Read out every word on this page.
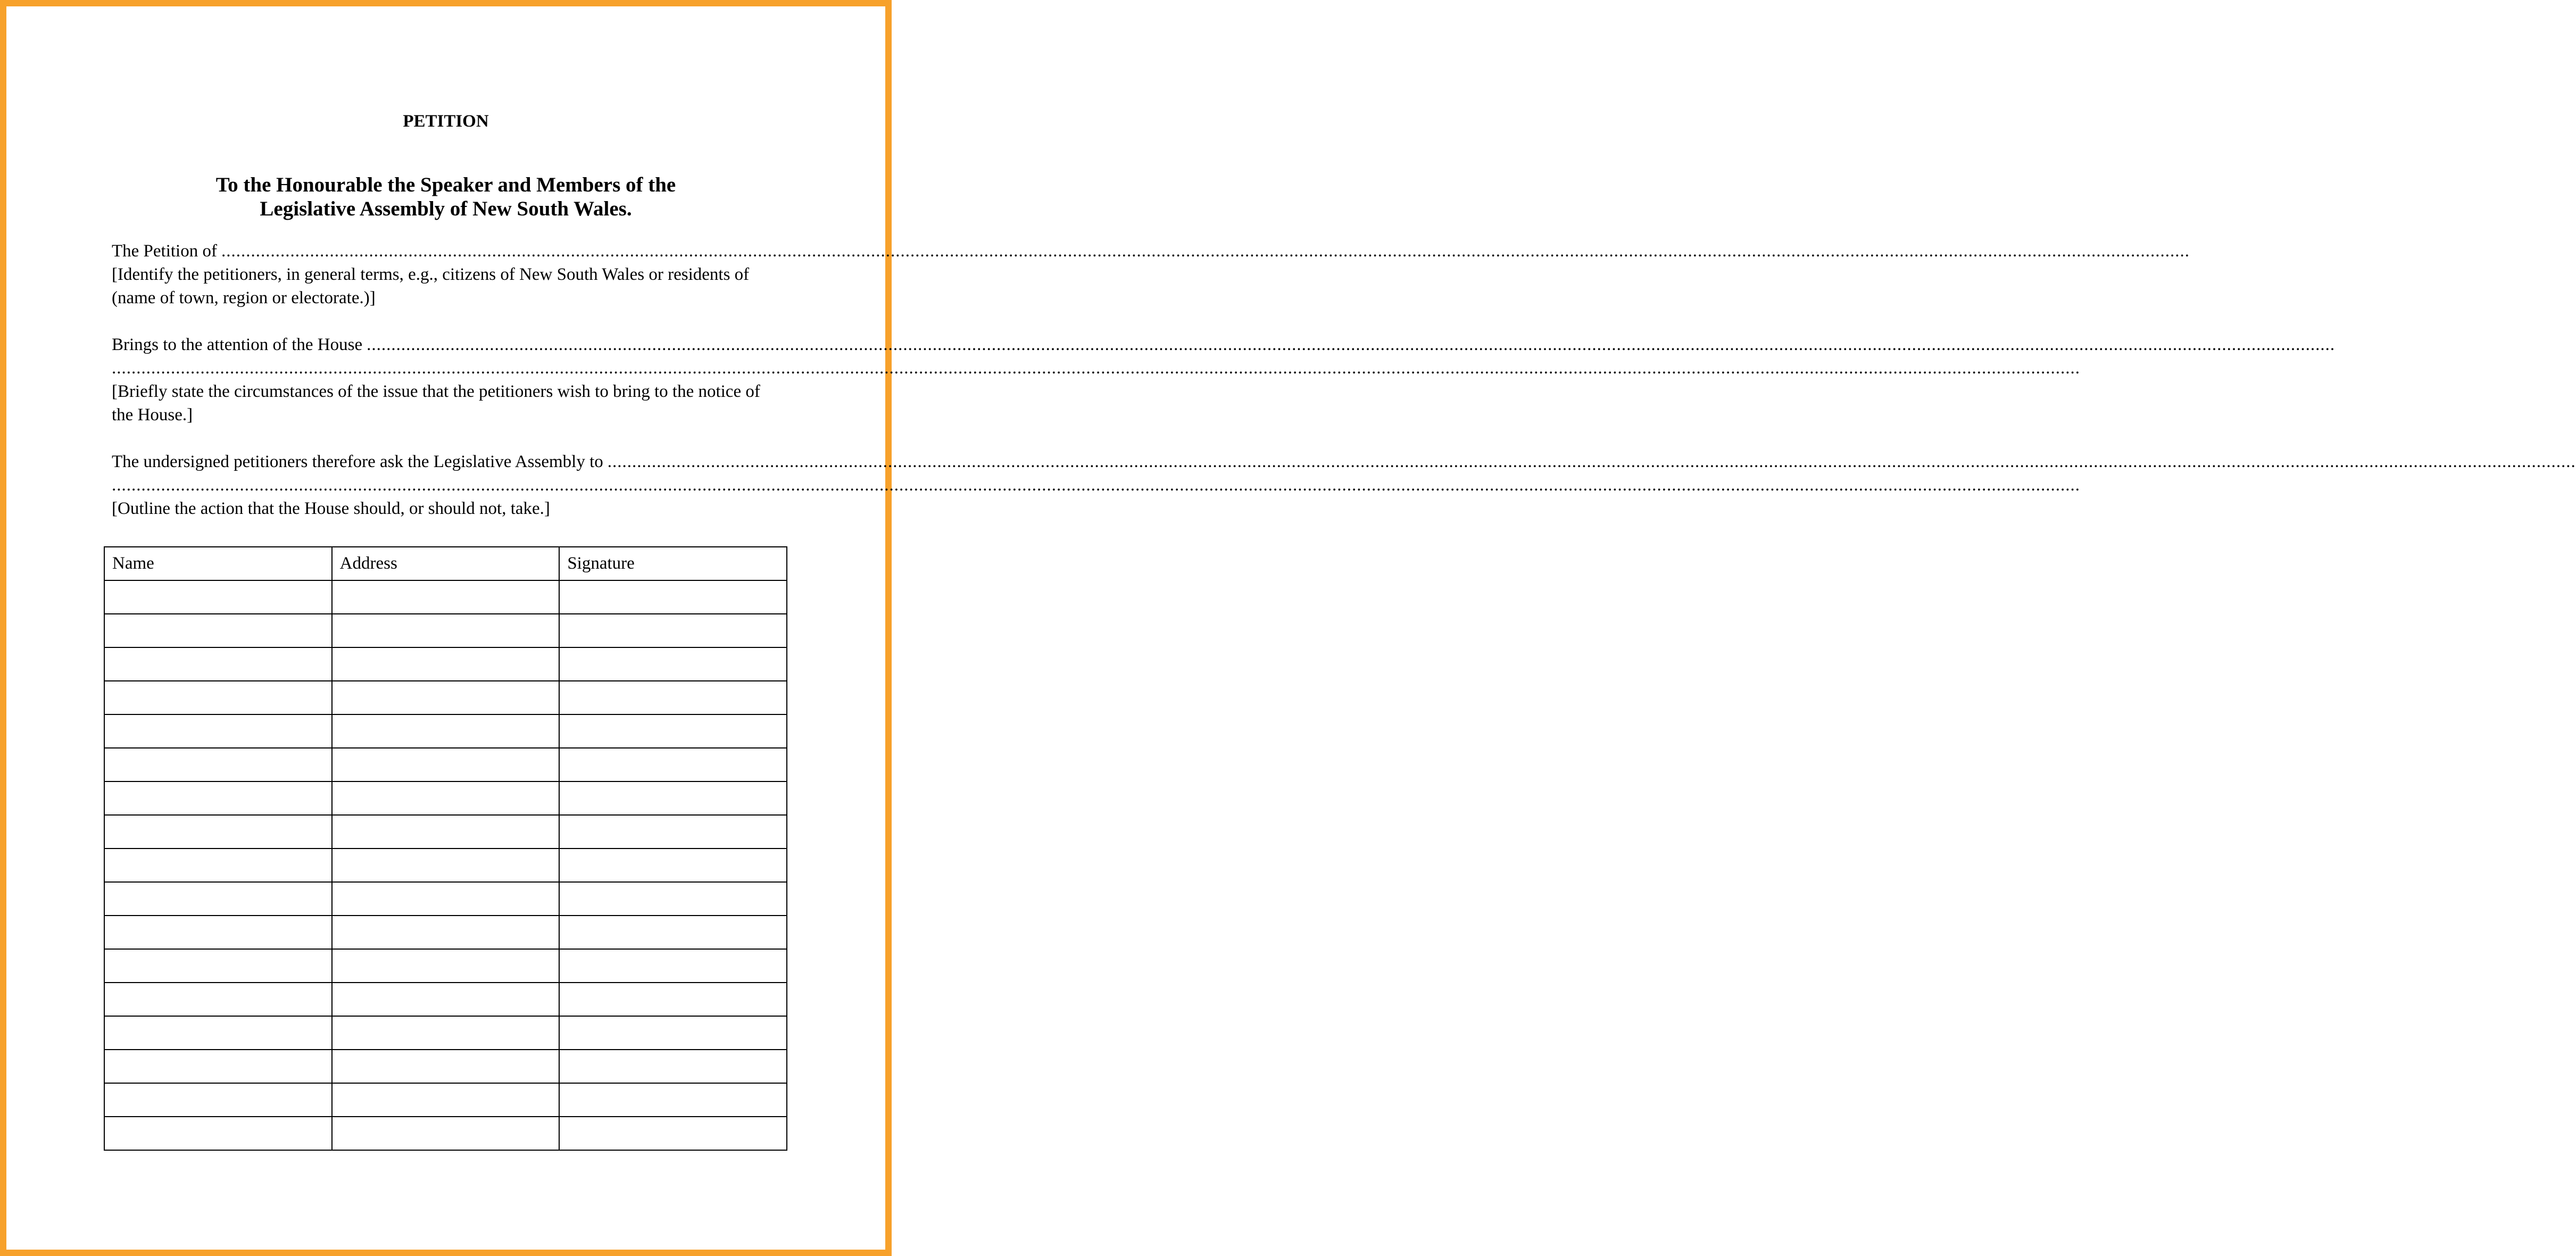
PETITION
To the Honourable the Speaker and Members of the
Legislative Assembly of New South Wales.
The Petition of ................................................................................................................................................................................................................................................................................................................................................................................................................
[Identify the petitioners, in general terms, e.g., citizens of New South Wales or residents of (name of town, region or electorate.)]
Brings to the attention of the House ................................................................................................................................................................................................................................................................................................................................................................................................................
................................................................................................................................................................................................................................................................................................................................................................................................................
[Briefly state the circumstances of the issue that the petitioners wish to bring to the notice of the House.]
The undersigned petitioners therefore ask the Legislative Assembly to ................................................................................................................................................................................................................................................................................................................................................................................................................
................................................................................................................................................................................................................................................................................................................................................................................................................
[Outline the action that the House should, or should not, take.]
Name	Address	Signature
